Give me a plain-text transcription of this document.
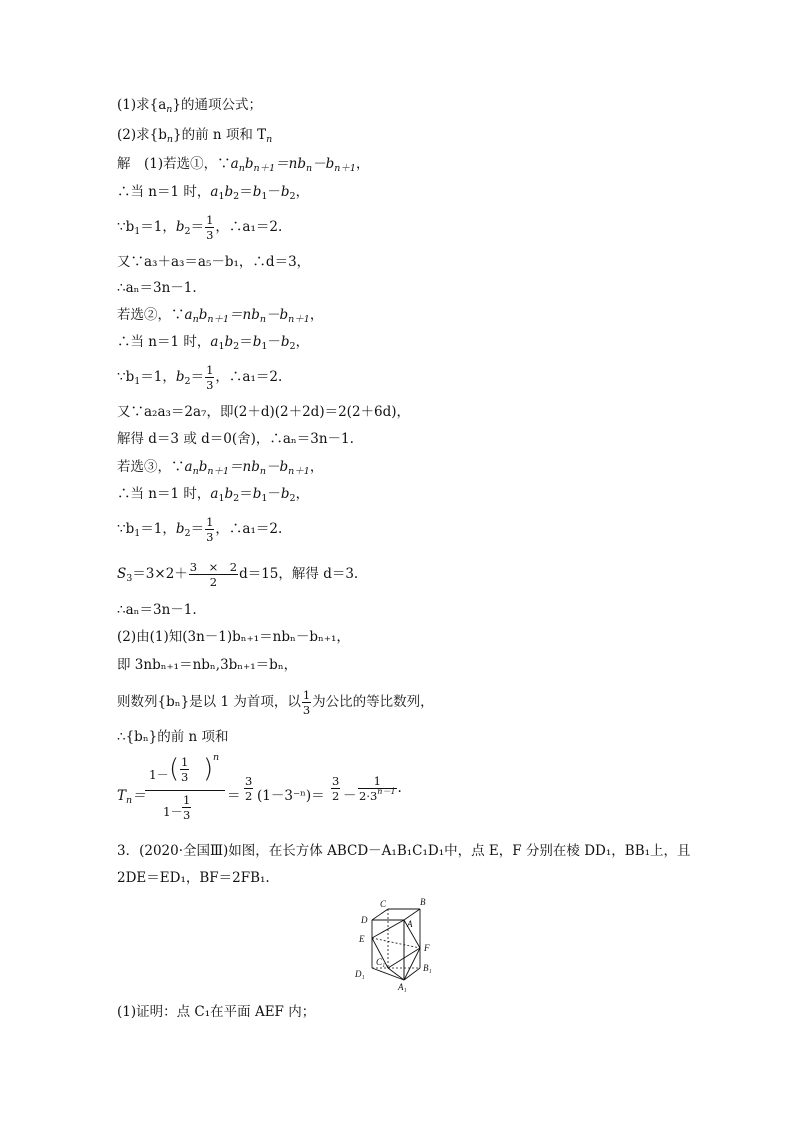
(1)求$\{a_n\}$的通项公式；
(2)求$\{b_n\}$的前 n 项和 $T_n$
解　(1)若选①，$\because a_nb_{n+1}=nb_n-b_{n+1}$，
∴当 n＝1 时，$a_1b_2=b_1-b_2$，
$\because b_1=1$，$b_2= \frac{1}{3}$ ，∴a₁＝2.
又∵a₃＋a₃＝a₅－b₁，∴d＝3，
∴aₙ＝3n－1.
若选②，$\because a_nb_{n+1}=nb_n-b_{n+1}$，
∴当 n＝1 时，$a_1b_2=b_1-b_2$，
$\because b_1=1$，$b_2= \frac{1}{3}$ ，∴a₁＝2.
又∵a₂a₃＝2a₇，即(2＋d)(2＋2d)＝2(2＋6d)，
解得 d＝3 或 d＝0(舍)，∴aₙ＝3n－1.
若选③，$\because a_nb_{n+1}=nb_n-b_{n+1}$，
∴当 n＝1 时，$a_1b_2=b_1-b_2$，
$\because b_1=1$，$b_2= \frac{1}{3}$ ，∴a₁＝2.
$S_3=3\times 2+ \frac{3 \times 2}{2} d=15$，解得 d＝3.
∴aₙ＝3n－1.
(2)由(1)知(3n－1)bₙ₊₁＝nbₙ－bₙ₊₁，
即 3nbₙ₊₁＝nbₙ,3bₙ₊₁＝bₙ，
则数列{bₙ}是以 1 为首项，以 $\frac{1}{3}$ 为公比的等比数列，
∴{bₙ}的前 n 项和
$T_n=$
1－ ( $\frac{1}{3}$ ) n
$1- \frac{1}{3}$	＝ $\frac{3}{2} (1-3^{-n})= \frac{3}{2} - \frac{1}{2\cdot 3^{n-1}}$ .
3．(2020·全国Ⅲ)如图，在长方体 ABCD－A₁B₁C₁D₁中，点 E，F 分别在棱 DD₁，BB₁上，且
2DE＝ED₁，BF＝2FB₁.
C	B
D	A
E
F
C₁
B₁
D₁
A₁
(1)证明：点 C₁在平面 AEF 内；
